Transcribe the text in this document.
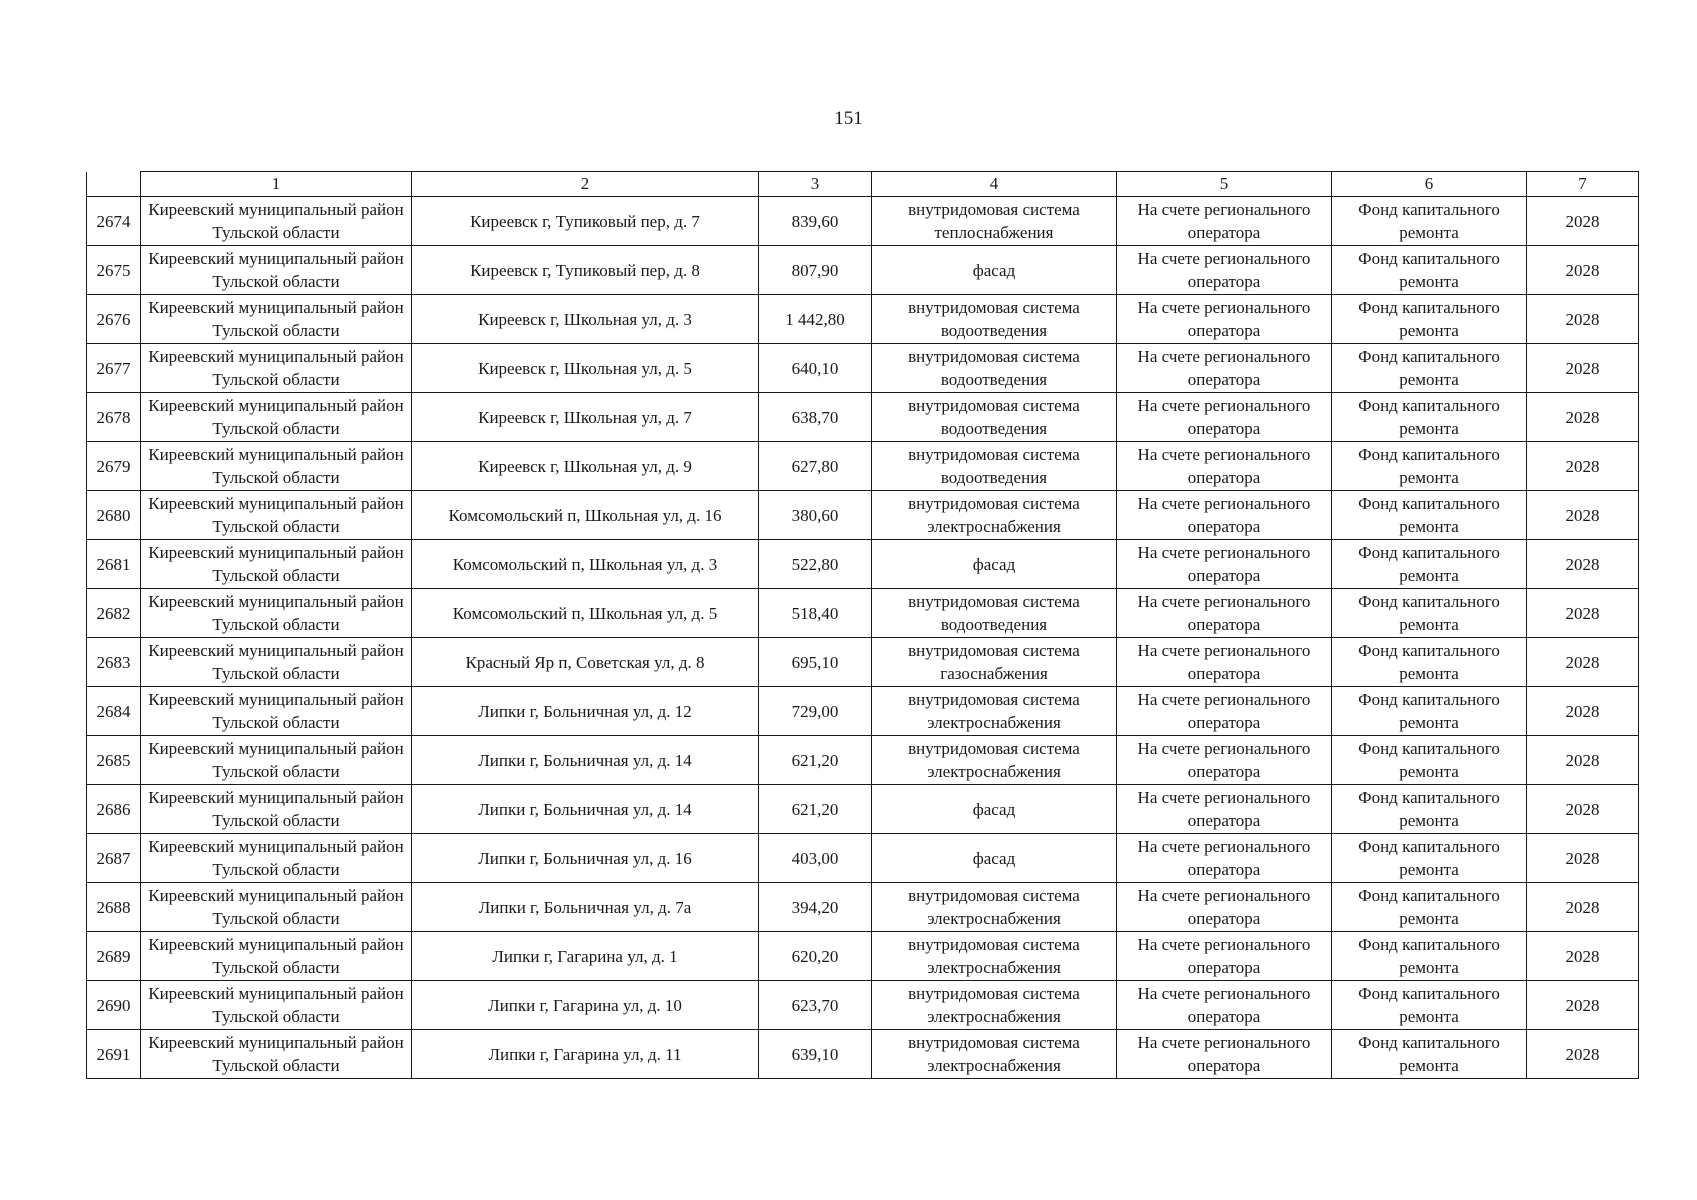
151
	1	2	3	4	5	6	7
2674	Киреевский муниципальный район Тульской области	Киреевск г, Тупиковый пер, д. 7	839,60	внутридомовая система теплоснабжения	На счете регионального оператора	Фонд капитального ремонта	2028
2675	Киреевский муниципальный район Тульской области	Киреевск г, Тупиковый пер, д. 8	807,90	фасад	На счете регионального оператора	Фонд капитального ремонта	2028
2676	Киреевский муниципальный район Тульской области	Киреевск г, Школьная ул, д. 3	1 442,80	внутридомовая система водоотведения	На счете регионального оператора	Фонд капитального ремонта	2028
2677	Киреевский муниципальный район Тульской области	Киреевск г, Школьная ул, д. 5	640,10	внутридомовая система водоотведения	На счете регионального оператора	Фонд капитального ремонта	2028
2678	Киреевский муниципальный район Тульской области	Киреевск г, Школьная ул, д. 7	638,70	внутридомовая система водоотведения	На счете регионального оператора	Фонд капитального ремонта	2028
2679	Киреевский муниципальный район Тульской области	Киреевск г, Школьная ул, д. 9	627,80	внутридомовая система водоотведения	На счете регионального оператора	Фонд капитального ремонта	2028
2680	Киреевский муниципальный район Тульской области	Комсомольский п, Школьная ул, д. 16	380,60	внутридомовая система электроснабжения	На счете регионального оператора	Фонд капитального ремонта	2028
2681	Киреевский муниципальный район Тульской области	Комсомольский п, Школьная ул, д. 3	522,80	фасад	На счете регионального оператора	Фонд капитального ремонта	2028
2682	Киреевский муниципальный район Тульской области	Комсомольский п, Школьная ул, д. 5	518,40	внутридомовая система водоотведения	На счете регионального оператора	Фонд капитального ремонта	2028
2683	Киреевский муниципальный район Тульской области	Красный Яр п, Советская ул, д. 8	695,10	внутридомовая система газоснабжения	На счете регионального оператора	Фонд капитального ремонта	2028
2684	Киреевский муниципальный район Тульской области	Липки г, Больничная ул, д. 12	729,00	внутридомовая система электроснабжения	На счете регионального оператора	Фонд капитального ремонта	2028
2685	Киреевский муниципальный район Тульской области	Липки г, Больничная ул, д. 14	621,20	внутридомовая система электроснабжения	На счете регионального оператора	Фонд капитального ремонта	2028
2686	Киреевский муниципальный район Тульской области	Липки г, Больничная ул, д. 14	621,20	фасад	На счете регионального оператора	Фонд капитального ремонта	2028
2687	Киреевский муниципальный район Тульской области	Липки г, Больничная ул, д. 16	403,00	фасад	На счете регионального оператора	Фонд капитального ремонта	2028
2688	Киреевский муниципальный район Тульской области	Липки г, Больничная ул, д. 7а	394,20	внутридомовая система электроснабжения	На счете регионального оператора	Фонд капитального ремонта	2028
2689	Киреевский муниципальный район Тульской области	Липки г, Гагарина ул, д. 1	620,20	внутридомовая система электроснабжения	На счете регионального оператора	Фонд капитального ремонта	2028
2690	Киреевский муниципальный район Тульской области	Липки г, Гагарина ул, д. 10	623,70	внутридомовая система электроснабжения	На счете регионального оператора	Фонд капитального ремонта	2028
2691	Киреевский муниципальный район Тульской области	Липки г, Гагарина ул, д. 11	639,10	внутридомовая система электроснабжения	На счете регионального оператора	Фонд капитального ремонта	2028
